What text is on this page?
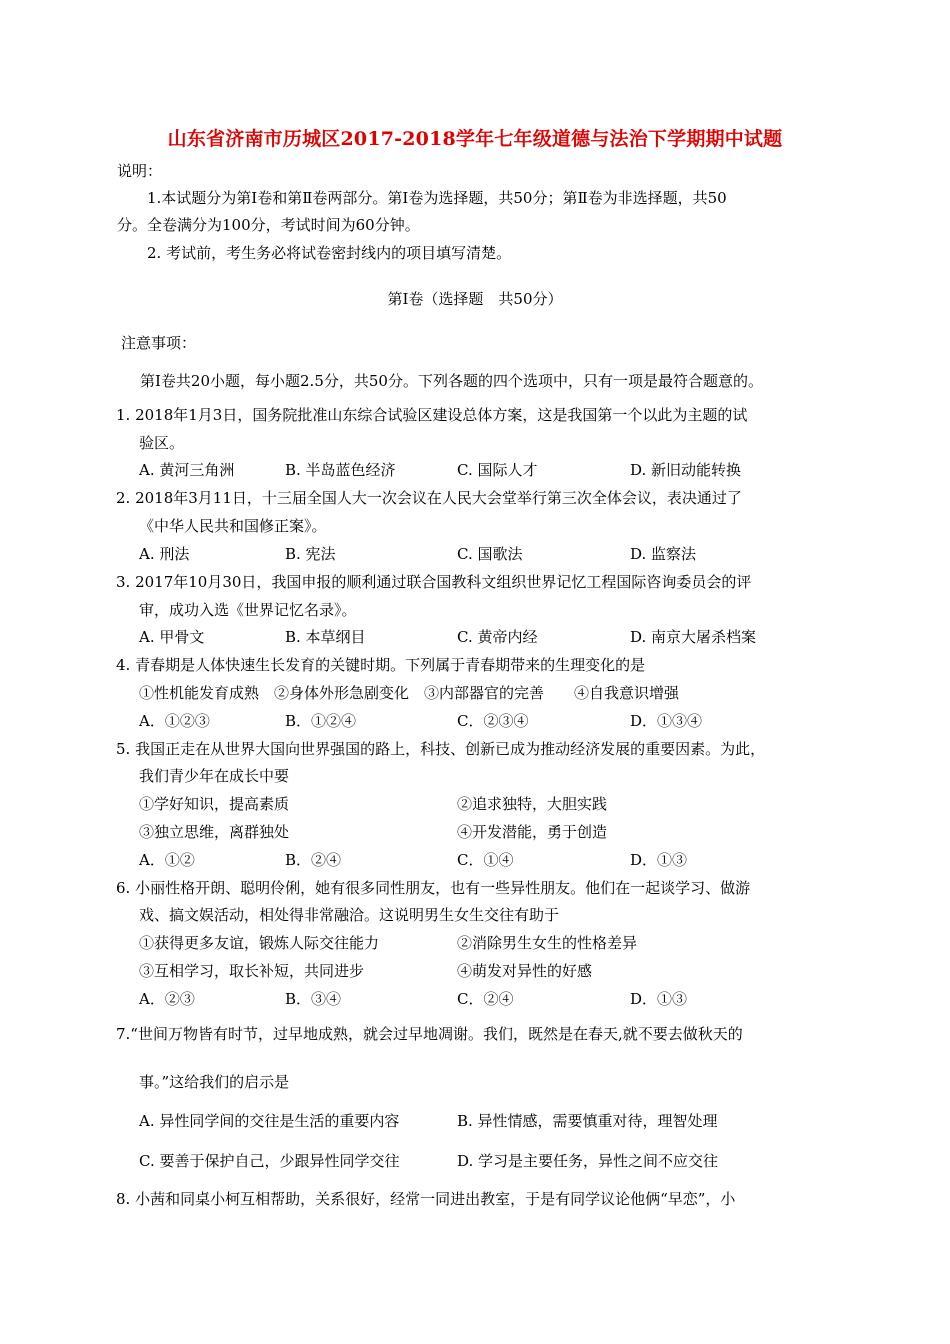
山东省济南市历城区2017-2018学年七年级道德与法治下学期期中试题
说明：
1.本试题分为第Ⅰ卷和第Ⅱ卷两部分。第Ⅰ卷为选择题，共50分；第Ⅱ卷为非选择题，共50
分。全卷满分为100分，考试时间为60分钟。
2. 考试前，考生务必将试卷密封线内的项目填写清楚。
第Ⅰ卷（选择题　共50分）
注意事项：
第Ⅰ卷共20小题，每小题2.5分，共50分。下列各题的四个选项中，只有一项是最符合题意的。
1. 2018年1月3日，国务院批准山东综合试验区建设总体方案，这是我国第一个以此为主题的试
验区。
A. 黄河三角洲	B. 半岛蓝色经济	C. 国际人才	D. 新旧动能转换
2. 2018年3月11日，十三届全国人大一次会议在人民大会堂举行第三次全体会议，表决通过了
《中华人民共和国修正案》。
A. 刑法	B. 宪法	C. 国歌法	D. 监察法
3. 2017年10月30日，我国申报的顺利通过联合国教科文组织世界记忆工程国际咨询委员会的评
审，成功入选《世界记忆名录》。
A. 甲骨文	B. 本草纲目	C. 黄帝内经	D. 南京大屠杀档案
4. 青春期是人体快速生长发育的关键时期。下列属于青春期带来的生理变化的是
①性机能发育成熟　②身体外形急剧变化　③内部器官的完善　　④自我意识增强
A．①②③	B．①②④	C．②③④	D．①③④
5. 我国正走在从世界大国向世界强国的路上，科技、创新已成为推动经济发展的重要因素。为此，
我们青少年在成长中要
①学好知识，提高素质	②追求独特，大胆实践
③独立思维，离群独处	④开发潜能，勇于创造
A．①②	B．②④	C．①④	D．①③
6. 小丽性格开朗、聪明伶俐，她有很多同性朋友，也有一些异性朋友。他们在一起谈学习、做游
戏、搞文娱活动，相处得非常融洽。这说明男生女生交往有助于
①获得更多友谊，锻炼人际交往能力	②消除男生女生的性格差异
③互相学习，取长补短，共同进步	④萌发对异性的好感
A．②③	B．③④	C．②④	D．①③
7.“世间万物皆有时节，过早地成熟，就会过早地凋谢。我们，既然是在春天,就不要去做秋天的
事。”这给我们的启示是
A. 异性同学间的交往是生活的重要内容	B. 异性情感，需要慎重对待，理智处理
C. 要善于保护自己，少跟异性同学交往	D. 学习是主要任务，异性之间不应交往
8. 小茜和同桌小柯互相帮助，关系很好，经常一同进出教室，于是有同学议论他俩“早恋”，小
